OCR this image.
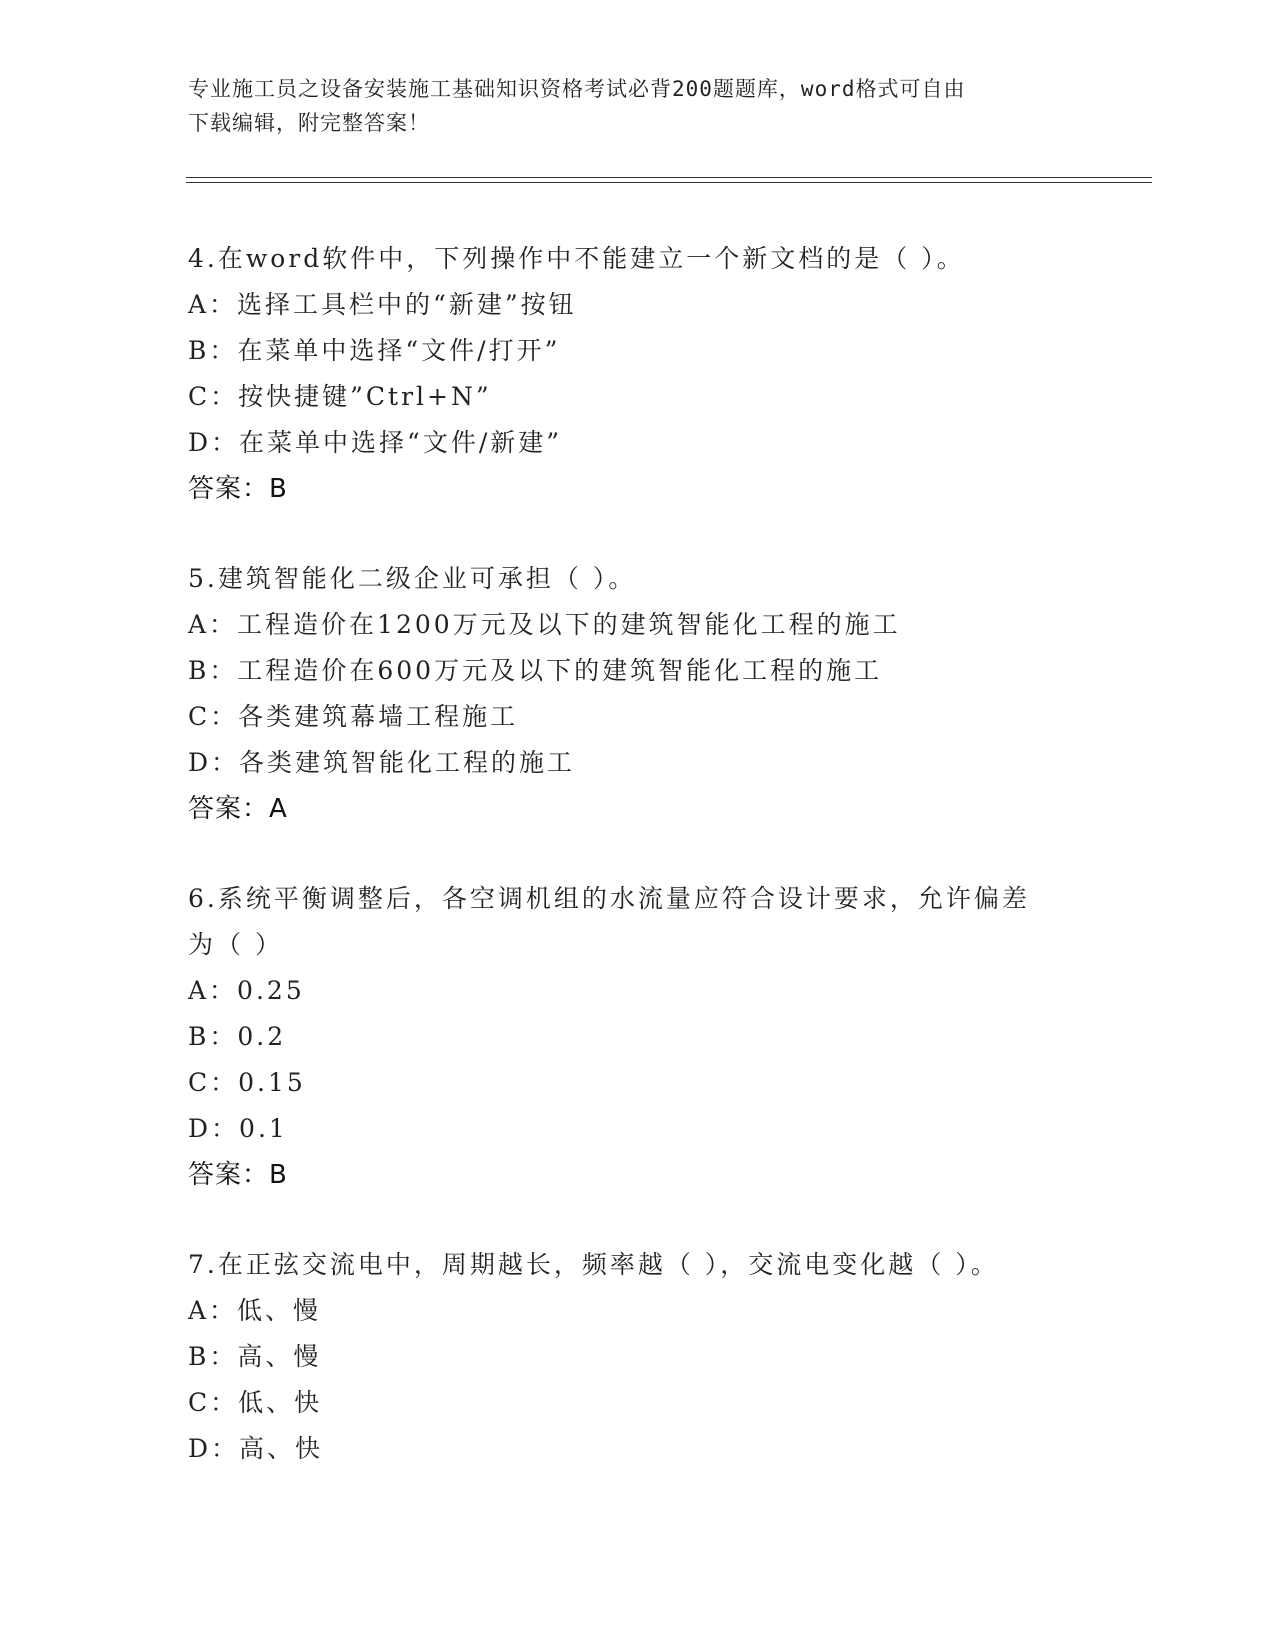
专业施工员之设备安装施工基础知识资格考试必背200题题库，word格式可自由
下载编辑，附完整答案！
4.在word软件中，下列操作中不能建立一个新文档的是（ ）。
A：选择工具栏中的“新建”按钮
B：在菜单中选择“文件/打开”
C：按快捷键”Ctrl+N”
D：在菜单中选择“文件/新建”
答案：B
5.建筑智能化二级企业可承担（ ）。
A：工程造价在1200万元及以下的建筑智能化工程的施工
B：工程造价在600万元及以下的建筑智能化工程的施工
C：各类建筑幕墙工程施工
D：各类建筑智能化工程的施工
答案：A
6.系统平衡调整后，各空调机组的水流量应符合设计要求，允许偏差
为（ ）
A：0.25
B：0.2
C：0.15
D：0.1
答案：B
7.在正弦交流电中，周期越长，频率越（ ），交流电变化越（ ）。
A：低、慢
B：高、慢
C：低、快
D：高、快
